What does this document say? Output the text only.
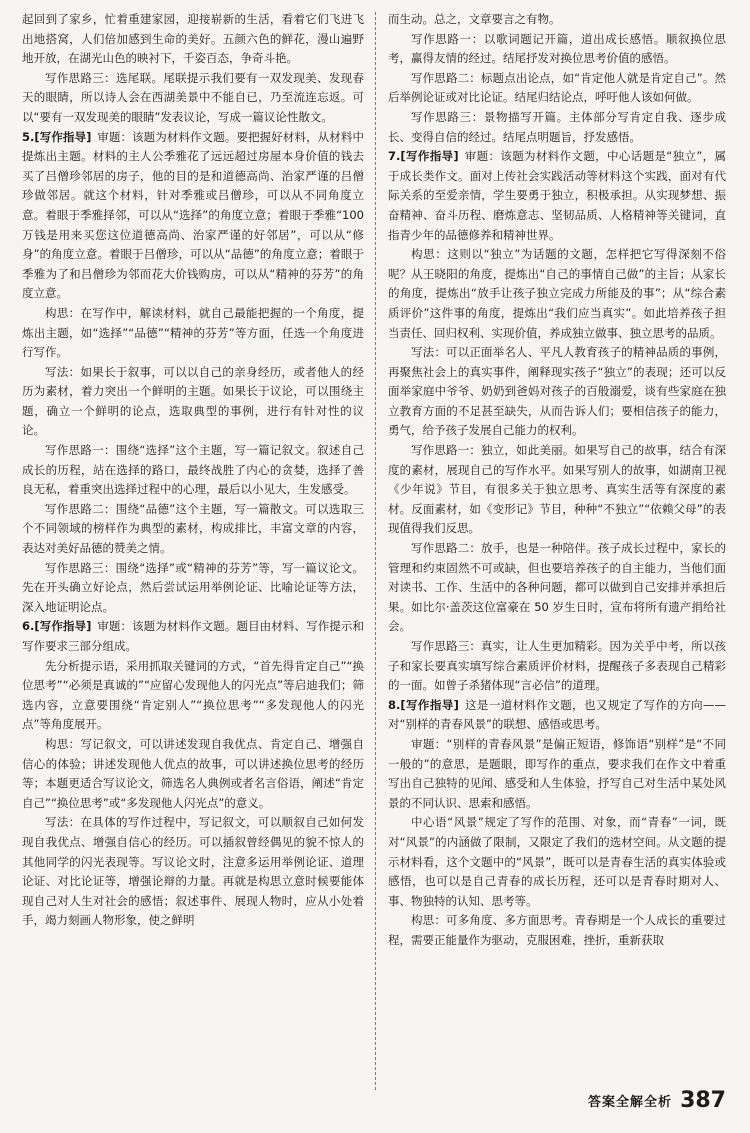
起回到了家乡，忙着重建家园，迎接崭新的生活，看着它们飞进飞出地搭窝，人们倍加感到生命的美好。五颜六色的鲜花，漫山遍野地开放，在湖光山色的映衬下，千姿百态，争奇斗艳。

写作思路三：选尾联。尾联提示我们要有一双发现美、发现春天的眼睛，所以诗人会在西湖美景中不能自已，乃至流连忘返。可以“要有一双发现美的眼睛”发表议论，写成一篇议论性散文。

5.[写作指导]  审题：该题为材料作文题。要把握好材料，从材料中提炼出主题。材料的主人公季雅花了远远超过房屋本身价值的钱去买了吕僧珍邻居的房子，他的目的是和道德高尚、治家严谨的吕僧珍做邻居。就这个材料，针对季雅或吕僧珍，可以从不同角度立意。着眼于季雅择邻，可以从“选择”的角度立意；着眼于季雅“100 万钱是用来买您这位道德高尚、治家严谨的好邻居”，可以从“修身”的角度立意。着眼于吕僧珍，可以从“品德”的角度立意；着眼于季雅为了和吕僧珍为邻而花大价钱购房，可以从“精神的芬芳”的角度立意。

构思：在写作中，解读材料，就自己最能把握的一个角度，提炼出主题，如“选择”“品德”“精神的芬芳”等方面，任选一个角度进行写作。

写法：如果长于叙事，可以以自己的亲身经历，或者他人的经历为素材，着力突出一个鲜明的主题。如果长于议论，可以围绕主题，确立一个鲜明的论点，选取典型的事例，进行有针对性的议论。

写作思路一：围绕“选择”这个主题，写一篇记叙文。叙述自己成长的历程，站在选择的路口，最终战胜了内心的贪婪，选择了善良无私，着重突出选择过程中的心理，最后以小见大，生发感受。

写作思路二：围绕“品德”这个主题，写一篇散文。可以选取三个不同领域的榜样作为典型的素材，构成排比，丰富文章的内容，表达对美好品德的赞美之情。

写作思路三：围绕“选择”或“精神的芬芳”等，写一篇议论文。先在开头确立好论点，然后尝试运用举例论证、比喻论证等方法，深入地证明论点。

6.[写作指导]  审题：该题为材料作文题。题目由材料、写作提示和写作要求三部分组成。

先分析提示语，采用抓取关键词的方式，“首先得肯定自己”“换位思考”“必须是真诚的”“应留心发现他人的闪光点”等启迪我们；筛选内容，立意要围绕“肯定别人”“换位思考”“多发现他人的闪光点”等角度展开。

构思：写记叙文，可以讲述发现自我优点、肯定自己、增强自信心的体验；讲述发现他人优点的故事，可以讲述换位思考的经历等；本题更适合写议论文，筛选名人典例或者名言俗语，阐述“肯定自己”“换位思考”或“多发现他人闪光点”的意义。

写法：在具体的写作过程中，写记叙文，可以顺叙自己如何发现自我优点、增强自信心的经历。可以插叙曾经偶见的貌不惊人的其他同学的闪光表现等。写议论文时，注意多运用举例论证、道理论证、对比论证等，增强论辩的力量。再就是构思立意时候要能体现自己对人生对社会的感悟；叙述事件、展现人物时，应从小处着手，竭力刻画人物形象，使之鲜明

而生动。总之，文章要言之有物。

写作思路一：以歌词题记开篇，道出成长感悟。顺叙换位思考，赢得友情的经过。结尾抒发对换位思考价值的感悟。

写作思路二：标题点出论点，如“肯定他人就是肯定自己”。然后举例论证或对比论证。结尾归结论点，呼吁他人该如何做。

写作思路三：景物描写开篇。主体部分写肯定自我、逐步成长、变得自信的经过。结尾点明题旨，抒发感悟。

7.[写作指导]  审题：该题为材料作文题，中心话题是“独立”，属于成长类作文。面对上传社会实践活动等材料这个实践，面对有代际关系的至爱亲情，学生要勇于独立，积极承担。从实现梦想、振奋精神、奋斗历程、磨炼意志、坚韧品质、人格精神等关键词，直指青少年的品德修养和精神世界。

构思：这则以“独立”为话题的文题，怎样把它写得深刻不俗呢？从王晓阳的角度，提炼出“自己的事情自己做”的主旨；从家长的角度，提炼出“放手让孩子独立完成力所能及的事”；从“综合素质评价”这件事的角度，提炼出“我们应当真实”。如此培养孩子担当责任、回归权利、实现价值，养成独立做事、独立思考的品质。

写法：可以正面举名人、平凡人教育孩子的精神品质的事例，再聚焦社会上的真实事件，阐释现实孩子“独立”的表现；还可以反面举家庭中爷爷、奶奶到爸妈对孩子的百般溺爱，谈有些家庭在独立教育方面的不足甚至缺失，从而告诉人们；要相信孩子的能力，勇气，给予孩子发展自己能力的权利。

写作思路一：独立，如此美丽。如果写自己的故事，结合有深度的素材，展现自己的写作水平。如果写别人的故事，如湖南卫视《少年说》节目，有很多关于独立思考、真实生活等有深度的素材。反面素材，如《变形记》节目，种种“不独立”“依赖父母”的表现值得我们反思。

写作思路二：放手，也是一种陪伴。孩子成长过程中，家长的管理和约束固然不可或缺，但也要培养孩子的自主能力，当他们面对读书、工作、生活中的各种问题，都可以做到自己安排并承担后果。如比尔·盖茨这位富豪在 50 岁生日时，宣布将所有遗产捐给社会。

写作思路三：真实，让人生更加精彩。因为关乎中考，所以孩子和家长要真实填写综合素质评价材料，提醒孩子多表现自己精彩的一面。如曾子杀猪体现“言必信”的道理。

8.[写作指导]  这是一道材料作文题，也又规定了写作的方向——对“别样的青春风景”的联想、感悟或思考。

审题：“别样的青春风景”是偏正短语，修饰语“别样”是“不同一般的”的意思，是题眼，即写作的重点，要求我们在作文中着重写出自己独特的见闻、感受和人生体验，抒写自己对生活中某处风景的不同认识、思索和感悟。

中心语“风景”规定了写作的范围、对象，而“青春”一词，既对“风景”的内涵做了限制，又限定了我们的选材空间。从文题的提示材料看，这个文题中的“风景”，既可以是青春生活的真实体验或感悟，也可以是自己青春的成长历程，还可以是青春时期对人、事、物独特的认知、思考等。

构思：可多角度、多方面思考。青春期是一个人成长的重要过程，需要正能量作为驱动，克服困难，挫折，重新获取

答案全解全析 387
